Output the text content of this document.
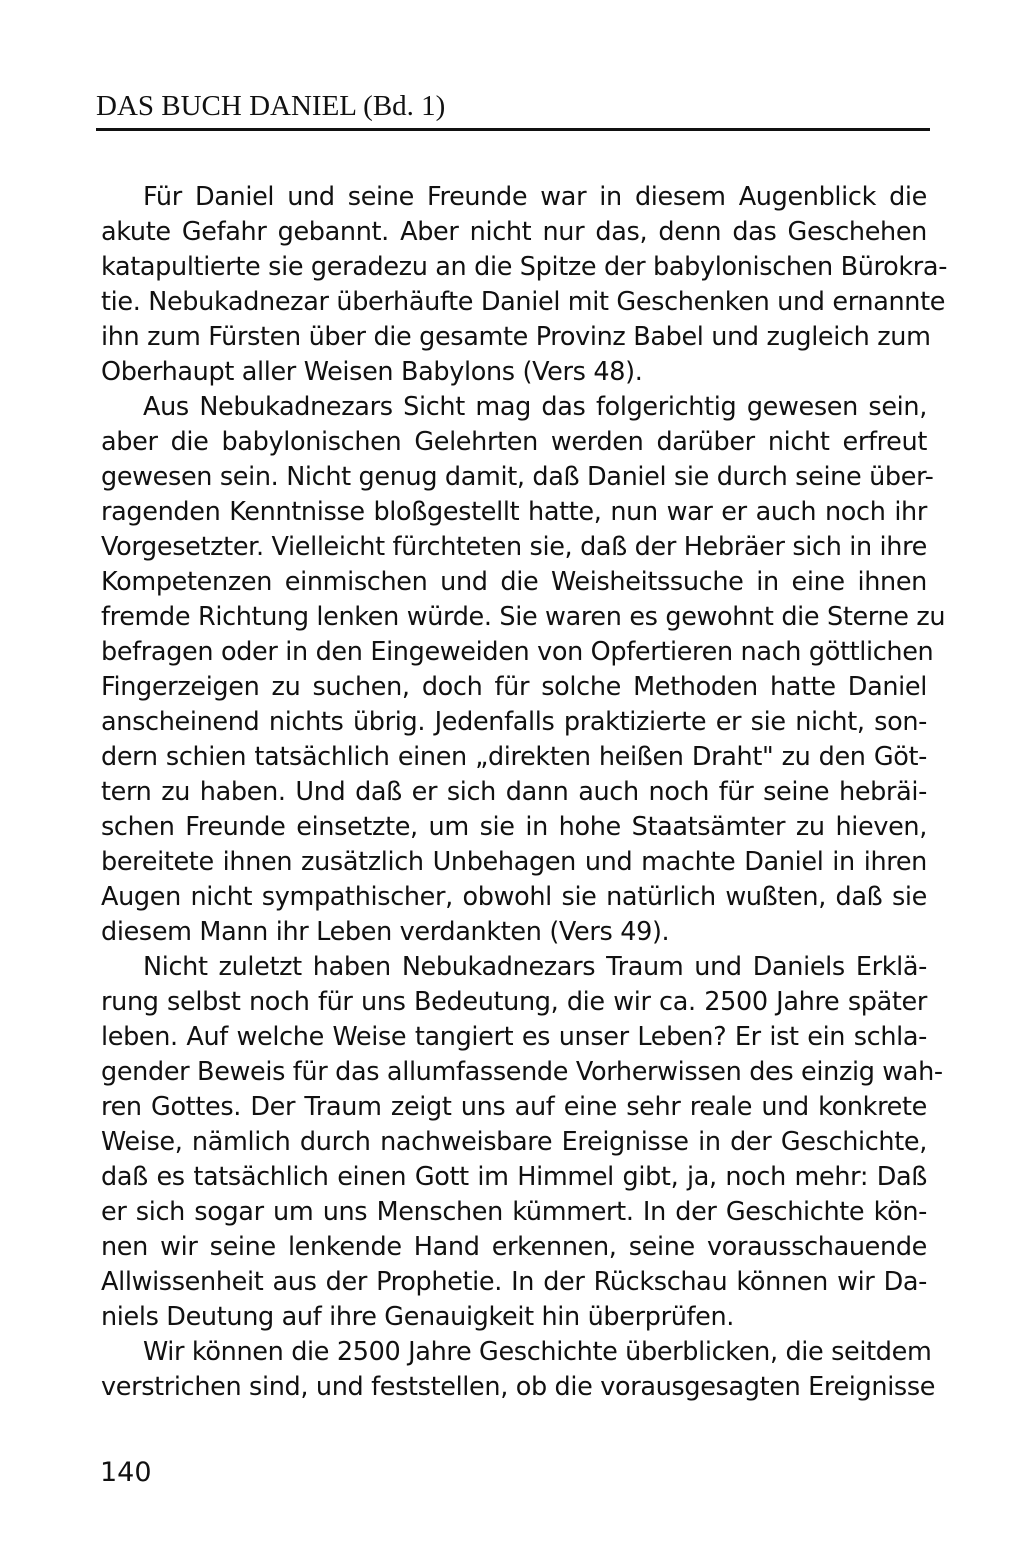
DAS BUCH DANIEL (Bd. 1)
Für Daniel und seine Freunde war in diesem Augenblick die
akute Gefahr gebannt. Aber nicht nur das, denn das Geschehen
katapultierte sie geradezu an die Spitze der babylonischen Bürokra-
tie. Nebukadnezar überhäufte Daniel mit Geschenken und ernannte
ihn zum Fürsten über die gesamte Provinz Babel und zugleich zum
Oberhaupt aller Weisen Babylons (Vers 48).
Aus Nebukadnezars Sicht mag das folgerichtig gewesen sein,
aber die babylonischen Gelehrten werden darüber nicht erfreut
gewesen sein. Nicht genug damit, daß Daniel sie durch seine über-
ragenden Kenntnisse bloßgestellt hatte, nun war er auch noch ihr
Vorgesetzter. Vielleicht fürchteten sie, daß der Hebräer sich in ihre
Kompetenzen einmischen und die Weisheitssuche in eine ihnen
fremde Richtung lenken würde. Sie waren es gewohnt die Sterne zu
befragen oder in den Eingeweiden von Opfertieren nach göttlichen
Fingerzeigen zu suchen, doch für solche Methoden hatte Daniel
anscheinend nichts übrig. Jedenfalls praktizierte er sie nicht, son-
dern schien tatsächlich einen „direkten heißen Draht" zu den Göt-
tern zu haben. Und daß er sich dann auch noch für seine hebräi-
schen Freunde einsetzte, um sie in hohe Staatsämter zu hieven,
bereitete ihnen zusätzlich Unbehagen und machte Daniel in ihren
Augen nicht sympathischer, obwohl sie natürlich wußten, daß sie
diesem Mann ihr Leben verdankten (Vers 49).
Nicht zuletzt haben Nebukadnezars Traum und Daniels Erklä-
rung selbst noch für uns Bedeutung, die wir ca. 2500 Jahre später
leben. Auf welche Weise tangiert es unser Leben? Er ist ein schla-
gender Beweis für das allumfassende Vorherwissen des einzig wah-
ren Gottes. Der Traum zeigt uns auf eine sehr reale und konkrete
Weise, nämlich durch nachweisbare Ereignisse in der Geschichte,
daß es tatsächlich einen Gott im Himmel gibt, ja, noch mehr: Daß
er sich sogar um uns Menschen kümmert. In der Geschichte kön-
nen wir seine lenkende Hand erkennen, seine vorausschauende
Allwissenheit aus der Prophetie. In der Rückschau können wir Da-
niels Deutung auf ihre Genauigkeit hin überprüfen.
Wir können die 2500 Jahre Geschichte überblicken, die seitdem
verstrichen sind, und feststellen, ob die vorausgesagten Ereignisse
140
